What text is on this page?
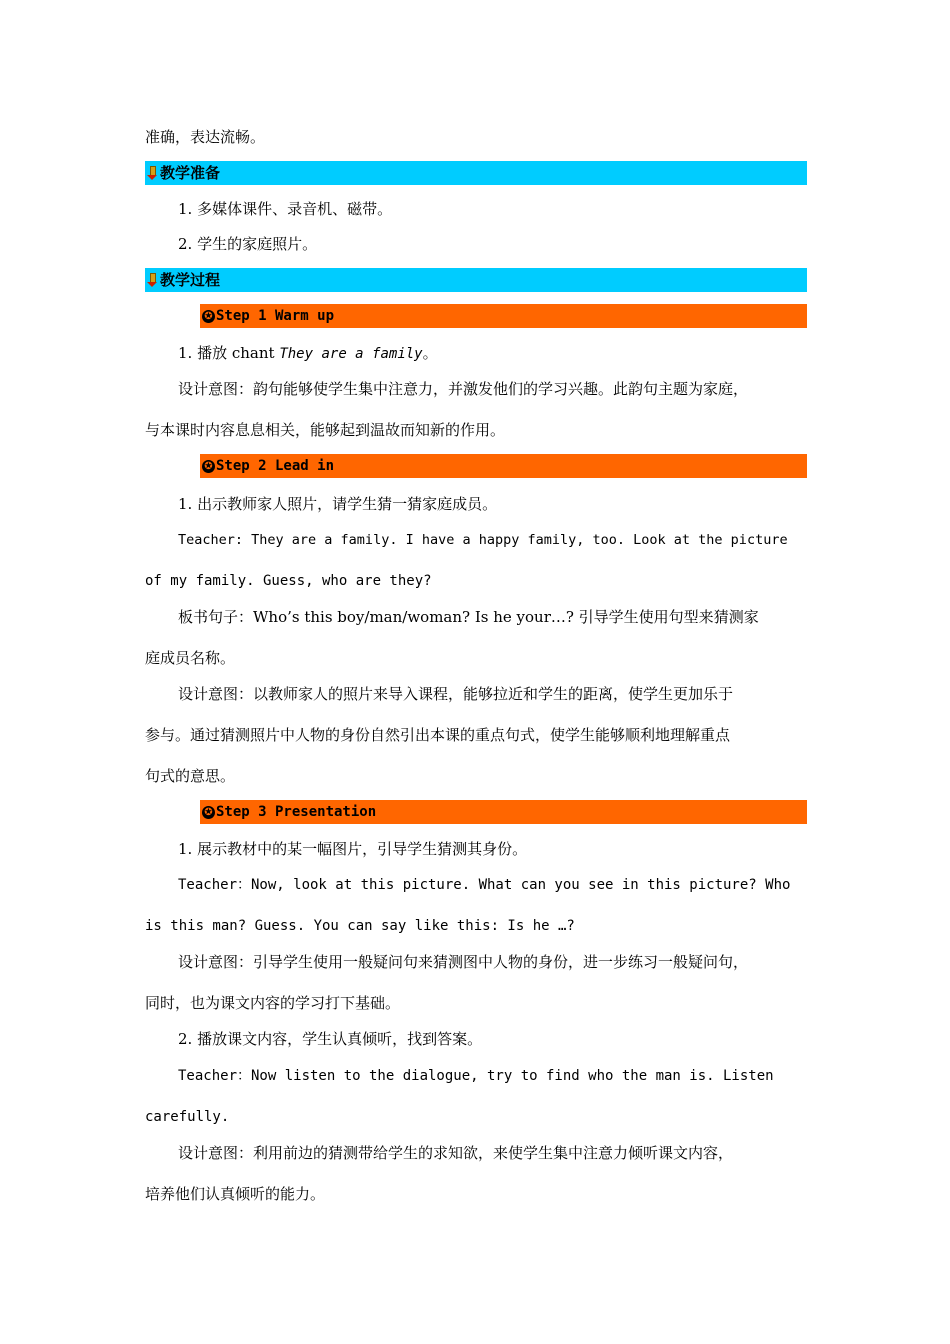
准确，表达流畅。
教学准备
1. 多媒体课件、录音机、磁带。
2. 学生的家庭照片。
教学过程
✪ Step 1 Warm up
1. 播放 chant They are a family。
设计意图：韵句能够使学生集中注意力，并激发他们的学习兴趣。此韵句主题为家庭，
与本课时内容息息相关，能够起到温故而知新的作用。
✪ Step 2 Lead in
1. 出示教师家人照片，请学生猜一猜家庭成员。
Teacher: They are a family. I have a happy family, too. Look at the picture
of my family. Guess, who are they?
板书句子：Who’s this boy/man/woman? Is he your…? 引导学生使用句型来猜测家
庭成员名称。
设计意图：以教师家人的照片来导入课程，能够拉近和学生的距离，使学生更加乐于
参与。通过猜测照片中人物的身份自然引出本课的重点句式，使学生能够顺利地理解重点
句式的意思。
✪ Step 3 Presentation
1. 展示教材中的某一幅图片，引导学生猜测其身份。
Teacher：Now, look at this picture. What can you see in this picture? Who
is this man? Guess. You can say like this: Is he …?
设计意图：引导学生使用一般疑问句来猜测图中人物的身份，进一步练习一般疑问句，
同时，也为课文内容的学习打下基础。
2. 播放课文内容，学生认真倾听，找到答案。
Teacher：Now listen to the dialogue, try to find who the man is. Listen
carefully.
设计意图：利用前边的猜测带给学生的求知欲，来使学生集中注意力倾听课文内容，
培养他们认真倾听的能力。
